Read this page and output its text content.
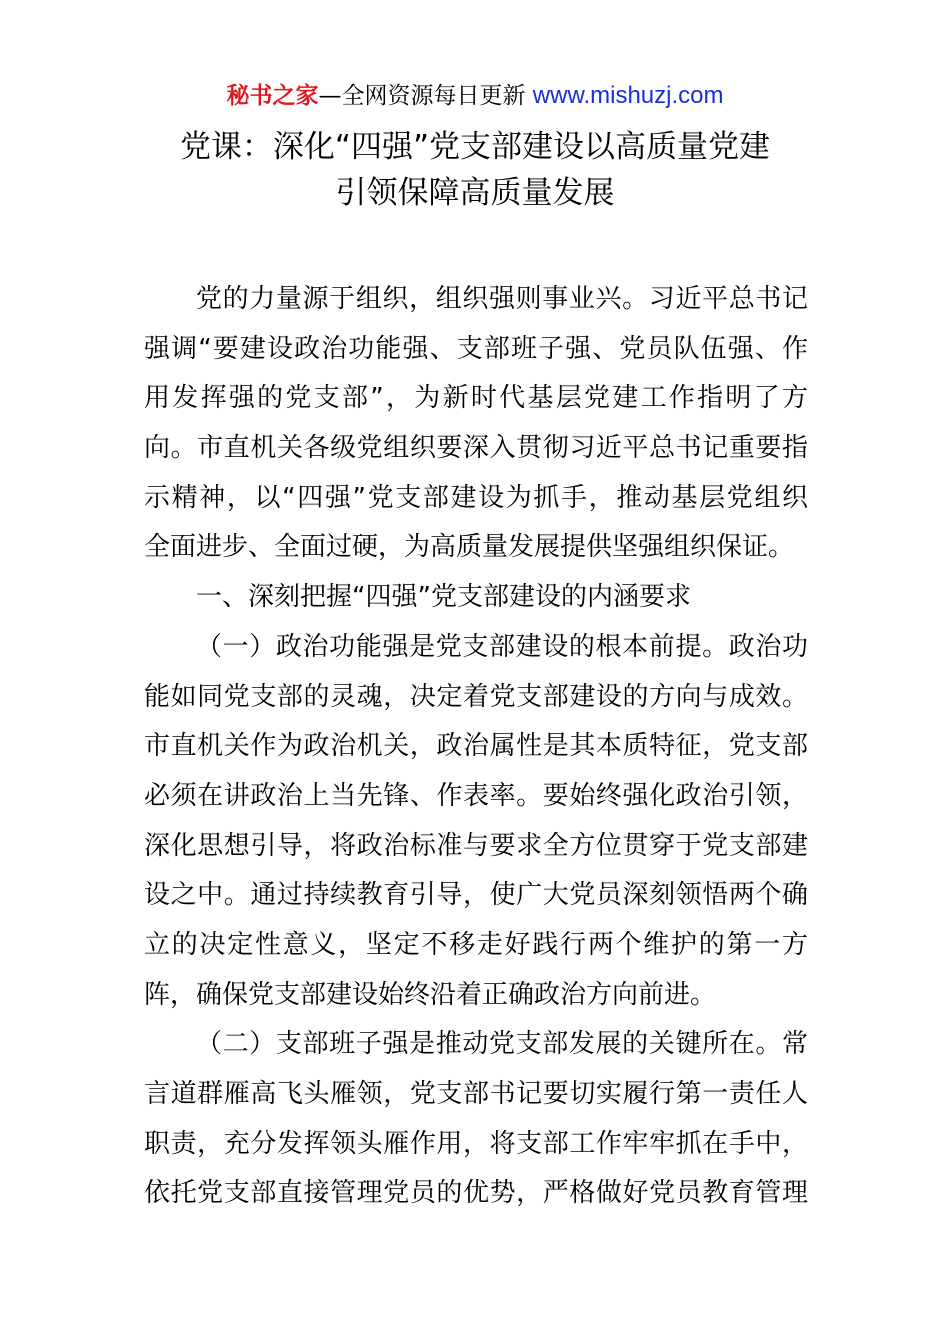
秘书之家—全网资源每日更新 www.mishuzj.com
党课：深化“四强”党支部建设以高质量党建
引领保障高质量发展
党的力量源于组织，组织强则事业兴。习近平总书记
强调“要建设政治功能强、支部班子强、党员队伍强、作
用发挥强的党支部”，为新时代基层党建工作指明了方
向。市直机关各级党组织要深入贯彻习近平总书记重要指
示精神，以“四强”党支部建设为抓手，推动基层党组织
全面进步、全面过硬，为高质量发展提供坚强组织保证。
一、深刻把握“四强”党支部建设的内涵要求
（一）政治功能强是党支部建设的根本前提。政治功
能如同党支部的灵魂，决定着党支部建设的方向与成效。
市直机关作为政治机关，政治属性是其本质特征，党支部
必须在讲政治上当先锋、作表率。要始终强化政治引领，
深化思想引导，将政治标准与要求全方位贯穿于党支部建
设之中。通过持续教育引导，使广大党员深刻领悟两个确
立的决定性意义，坚定不移走好践行两个维护的第一方
阵，确保党支部建设始终沿着正确政治方向前进。
（二）支部班子强是推动党支部发展的关键所在。常
言道群雁高飞头雁领，党支部书记要切实履行第一责任人
职责，充分发挥领头雁作用，将支部工作牢牢抓在手中，
依托党支部直接管理党员的优势，严格做好党员教育管理
